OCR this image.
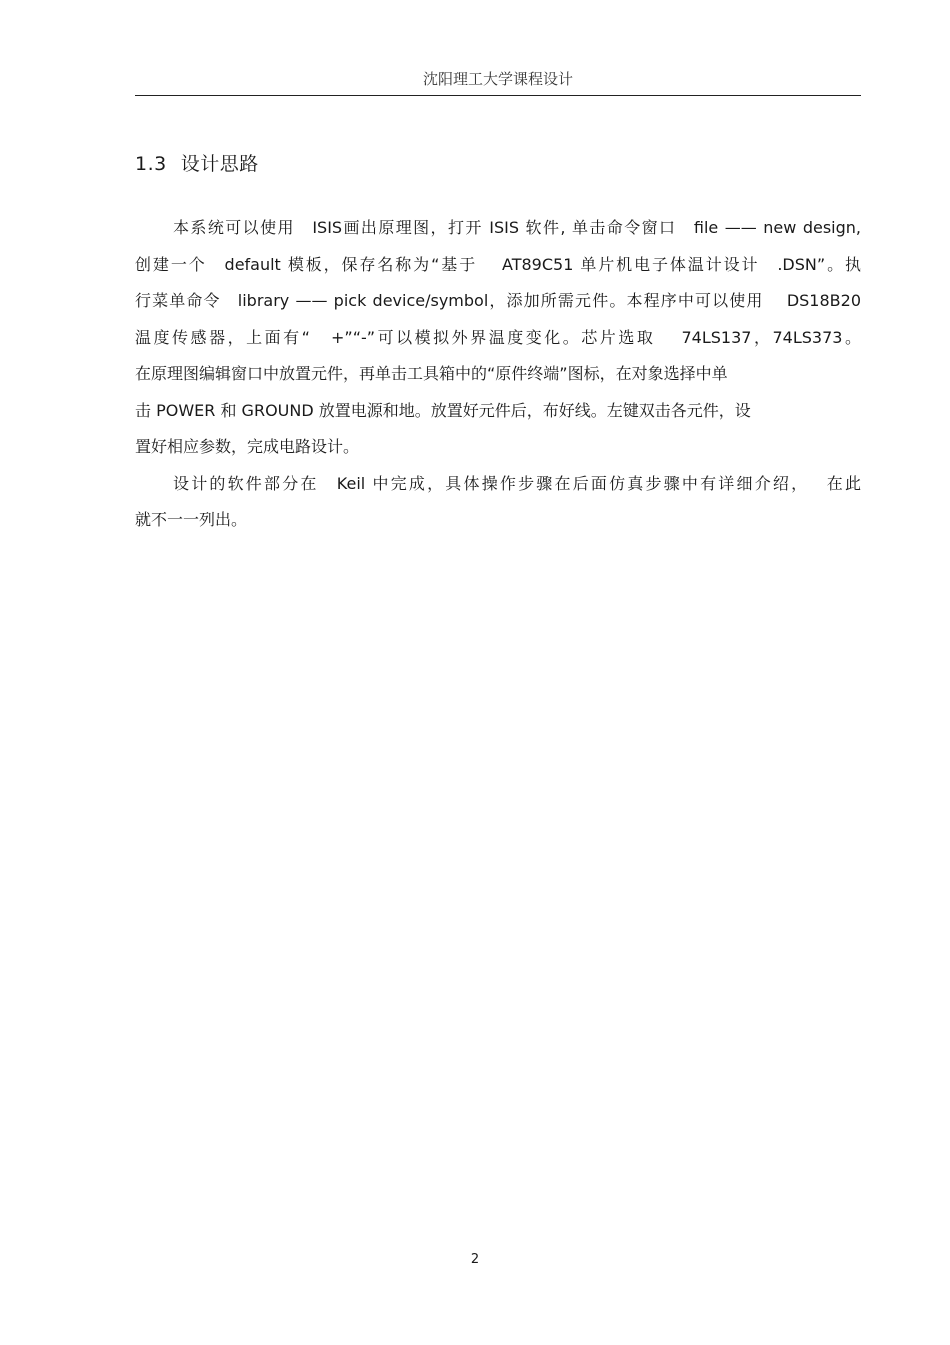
沈阳理工大学课程设计
1.3 设计思路
本系统可以使用　ISIS画出原理图，打开 ISIS 软件, 单击命令窗口　file —— new design,
创建一个　default 模板，保存名称为“基于　 AT89C51 单片机电子体温计设计　.DSN”。执
行菜单命令　library —— pick device/symbol，添加所需元件。本程序中可以使用　 DS18B20
温度传感器，上面有“　+”“-”可以模拟外界温度变化。芯片选取　 74LS137，74LS373。
在原理图编辑窗口中放置元件，再单击工具箱中的“原件终端”图标，在对象选择中单
击 POWER 和 GROUND 放置电源和地。放置好元件后，布好线。左键双击各元件，设
置好相应参数，完成电路设计。
设计的软件部分在　Keil 中完成，具体操作步骤在后面仿真步骤中有详细介绍，　 在此
就不一一列出。
2
